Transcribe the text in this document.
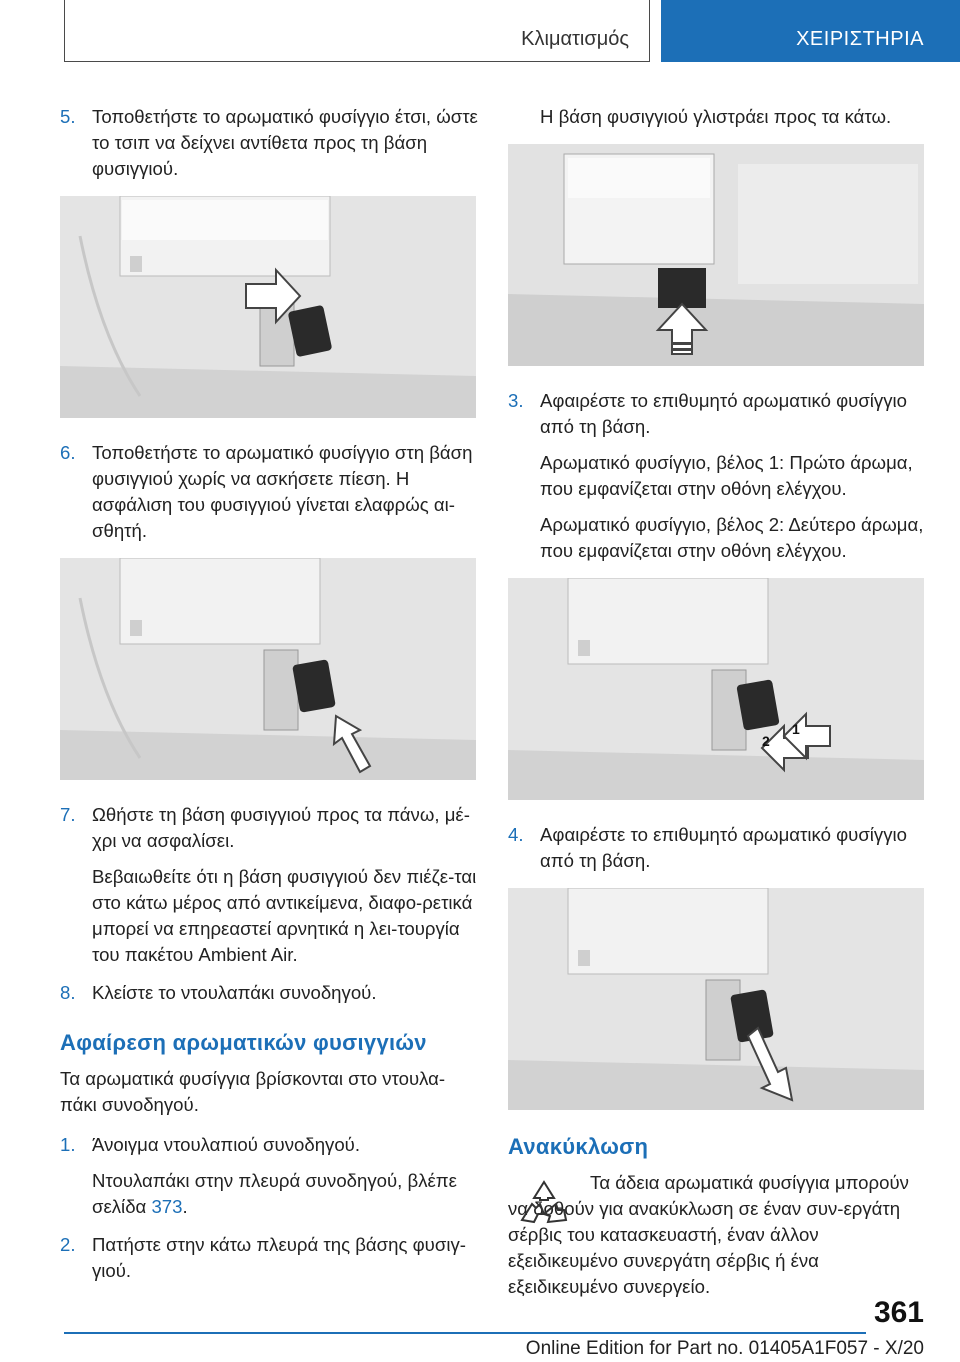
Κλιματισμός	ΧΕΙΡΙΣΤΗΡΙΑ
5. Τοποθετήστε το αρωματικό φυσίγγιο έτσι, ώστε το τσιπ να δείχνει αντίθετα προς τη βάση φυσιγγιού.
6. Τοποθετήστε το αρωματικό φυσίγγιο στη βάση φυσιγγιού χωρίς να ασκήσετε πίεση. Η ασφάλιση του φυσιγγιού γίνεται ελαφρώς αι-σθητή.
7. Ωθήστε τη βάση φυσιγγιού προς τα πάνω, μέ-χρι να ασφαλίσει.
Βεβαιωθείτε ότι η βάση φυσιγγιού δεν πιέζε-ται στο κάτω μέρος από αντικείμενα, διαφο-ρετικά μπορεί να επηρεαστεί αρνητικά η λει-τουργία του πακέτου Ambient Air.
8. Κλείστε το ντουλαπάκι συνοδηγού.
Αφαίρεση αρωματικών φυσιγγιών
Τα αρωματικά φυσίγγια βρίσκονται στο ντουλα-πάκι συνοδηγού.
1. Άνοιγμα ντουλαπιού συνοδηγού.
Ντουλαπάκι στην πλευρά συνοδηγού, βλέπε σελίδα 373.
2. Πατήστε στην κάτω πλευρά της βάσης φυσιγ-γιού.
Η βάση φυσιγγιού γλιστράει προς τα κάτω.
3. Αφαιρέστε το επιθυμητό αρωματικό φυσίγγιο από τη βάση.
Αρωματικό φυσίγγιο, βέλος 1: Πρώτο άρωμα, που εμφανίζεται στην οθόνη ελέγχου.
Αρωματικό φυσίγγιο, βέλος 2: Δεύτερο άρωμα, που εμφανίζεται στην οθόνη ελέγχου.
2
1
4. Αφαιρέστε το επιθυμητό αρωματικό φυσίγγιο από τη βάση.
Ανακύκλωση

Τα άδεια αρωματικά φυσίγγια μπορούν να δοθούν για ανακύκλωση σε έναν συν-εργάτη σέρβις του κατασκευαστή, έναν άλλον εξειδικευμένο συνεργάτη σέρβις ή ένα εξειδικευμένο συνεργείο.

361
Online Edition for Part no. 01405A1F057 - X/20
